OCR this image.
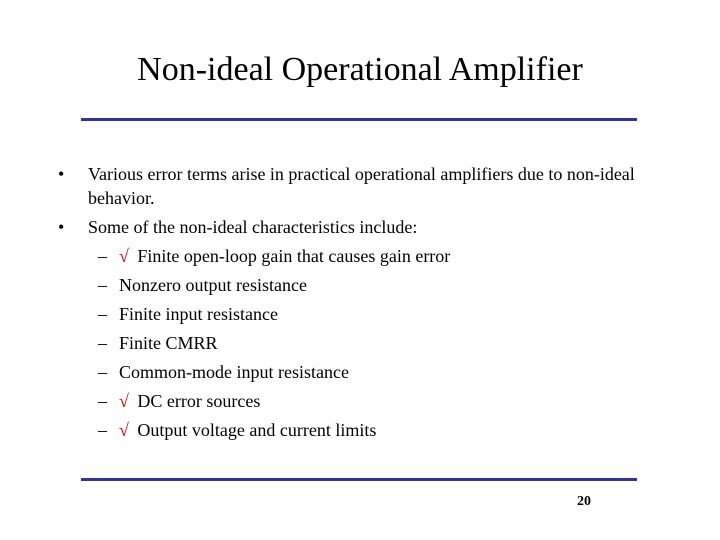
Non-ideal Operational Amplifier
•	Various error terms arise in practical operational amplifiers due to non-ideal behavior.
•	Some of the non-ideal characteristics include:
– √ Finite open-loop gain that causes gain error
– Nonzero output resistance
– Finite input resistance
– Finite CMRR
– Common-mode input resistance
– √ DC error sources
– √ Output voltage and current limits
20
